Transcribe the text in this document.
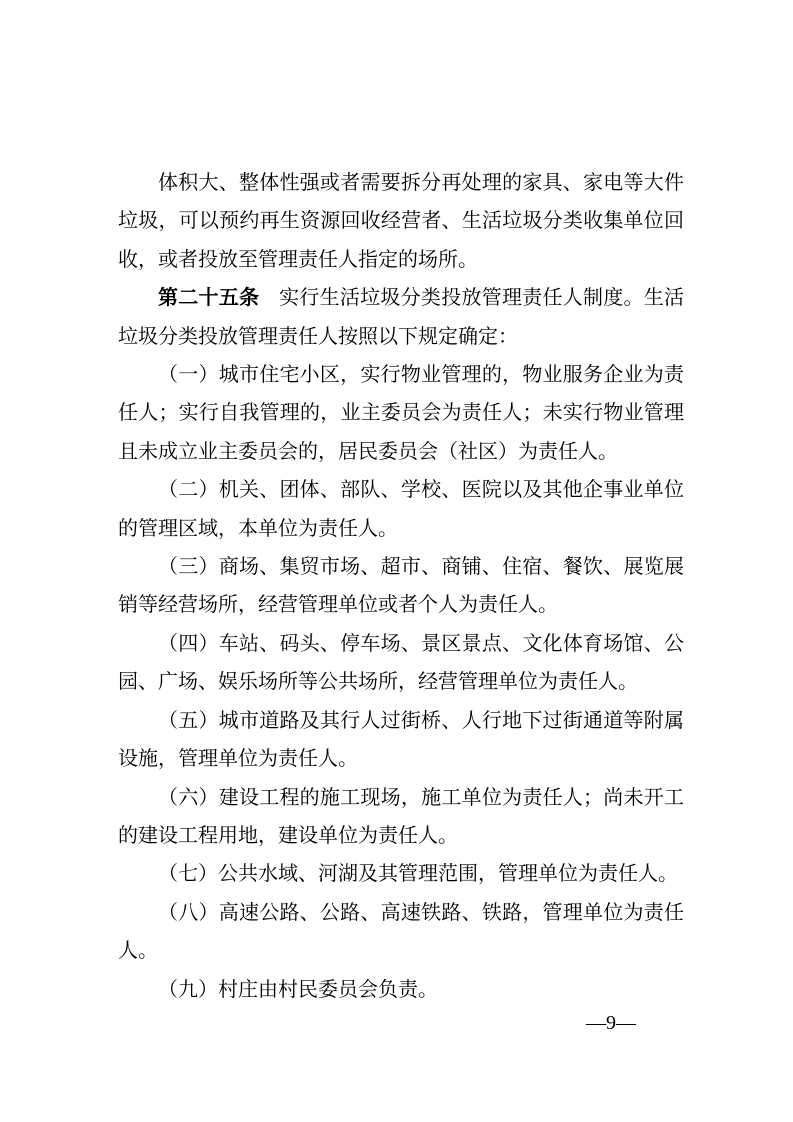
体积大、整体性强或者需要拆分再处理的家具、家电等大件垃圾，可以预约再生资源回收经营者、生活垃圾分类收集单位回收，或者投放至管理责任人指定的场所。

第二十五条   实行生活垃圾分类投放管理责任人制度。生活垃圾分类投放管理责任人按照以下规定确定：

（一）城市住宅小区，实行物业管理的，物业服务企业为责任人；实行自我管理的，业主委员会为责任人；未实行物业管理且未成立业主委员会的，居民委员会（社区）为责任人。

（二）机关、团体、部队、学校、医院以及其他企事业单位的管理区域，本单位为责任人。

（三）商场、集贸市场、超市、商铺、住宿、餐饮、展览展销等经营场所，经营管理单位或者个人为责任人。

（四）车站、码头、停车场、景区景点、文化体育场馆、公园、广场、娱乐场所等公共场所，经营管理单位为责任人。

（五）城市道路及其行人过街桥、人行地下过街通道等附属设施，管理单位为责任人。

（六）建设工程的施工现场，施工单位为责任人；尚未开工的建设工程用地，建设单位为责任人。

（七）公共水域、河湖及其管理范围，管理单位为责任人。

（八）高速公路、公路、高速铁路、铁路，管理单位为责任人。

（九）村庄由村民委员会负责。

—9—
